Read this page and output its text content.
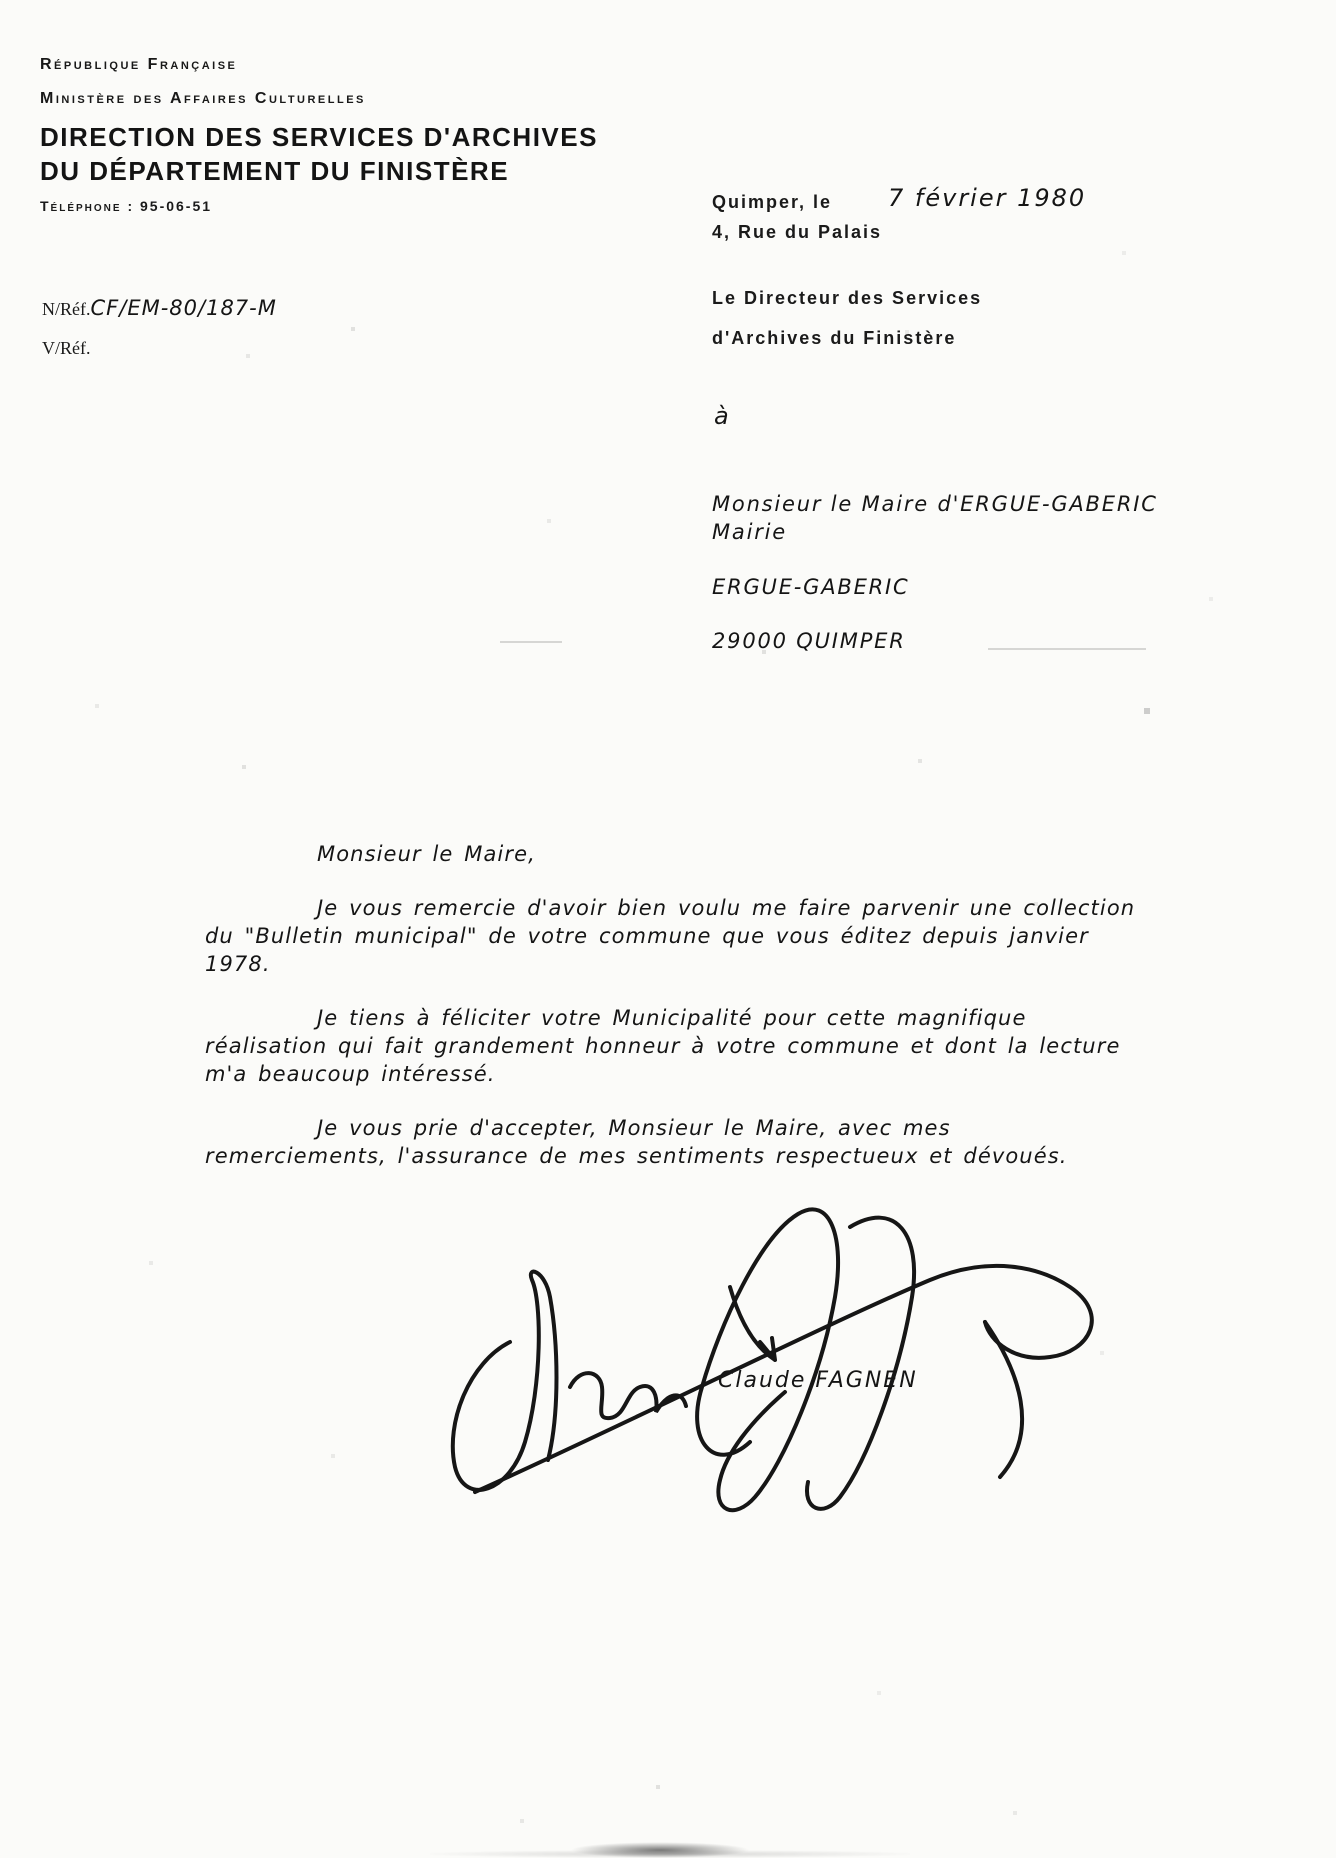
République Française
Ministère des Affaires Culturelles
DIRECTION DES SERVICES D'ARCHIVES
DU DÉPARTEMENT DU FINISTÈRE
Téléphone : 95-06-51	Quimper, le 7 février 1980
4, Rue du Palais
N/Réf.CF/EM-80/187-M
V/Réf.
Le Directeur des Services
d'Archives du Finistère
à
Monsieur le Maire d'ERGUE-GABERIC
Mairie
ERGUE-GABERIC
29000 QUIMPER

Monsieur le Maire,

Je vous remercie d'avoir bien voulu me faire parvenir une collection du "Bulletin municipal" de votre commune que vous éditez depuis janvier 1978.

Je tiens à féliciter votre Municipalité pour cette magnifique réalisation qui fait grandement honneur à votre commune et dont la lecture m'a beaucoup intéressé.

Je vous prie d'accepter, Monsieur le Maire, avec mes remerciements, l'assurance de mes sentiments respectueux et dévoués.

Claude FAGNEN
